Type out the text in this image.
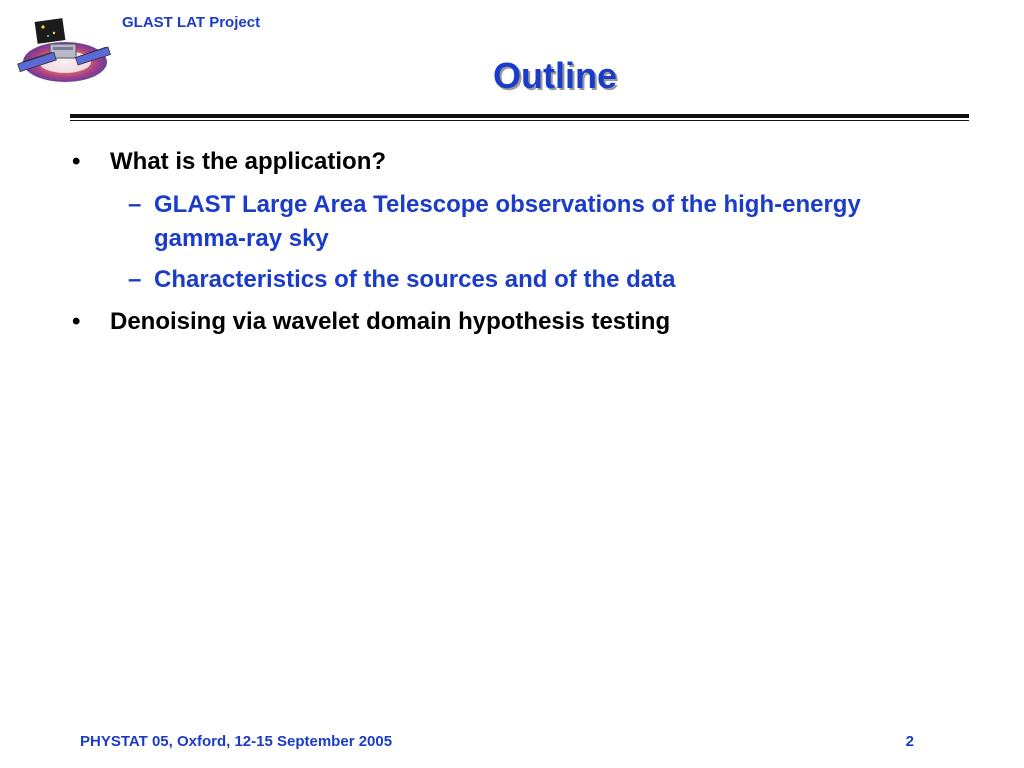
GLAST LAT Project
Outline
• What is the application?
– GLAST Large Area Telescope observations of the high-energy gamma-ray sky
– Characteristics of the sources and of the data
• Denoising via wavelet domain hypothesis testing
PHYSTAT 05, Oxford, 12-15 September 2005	2
